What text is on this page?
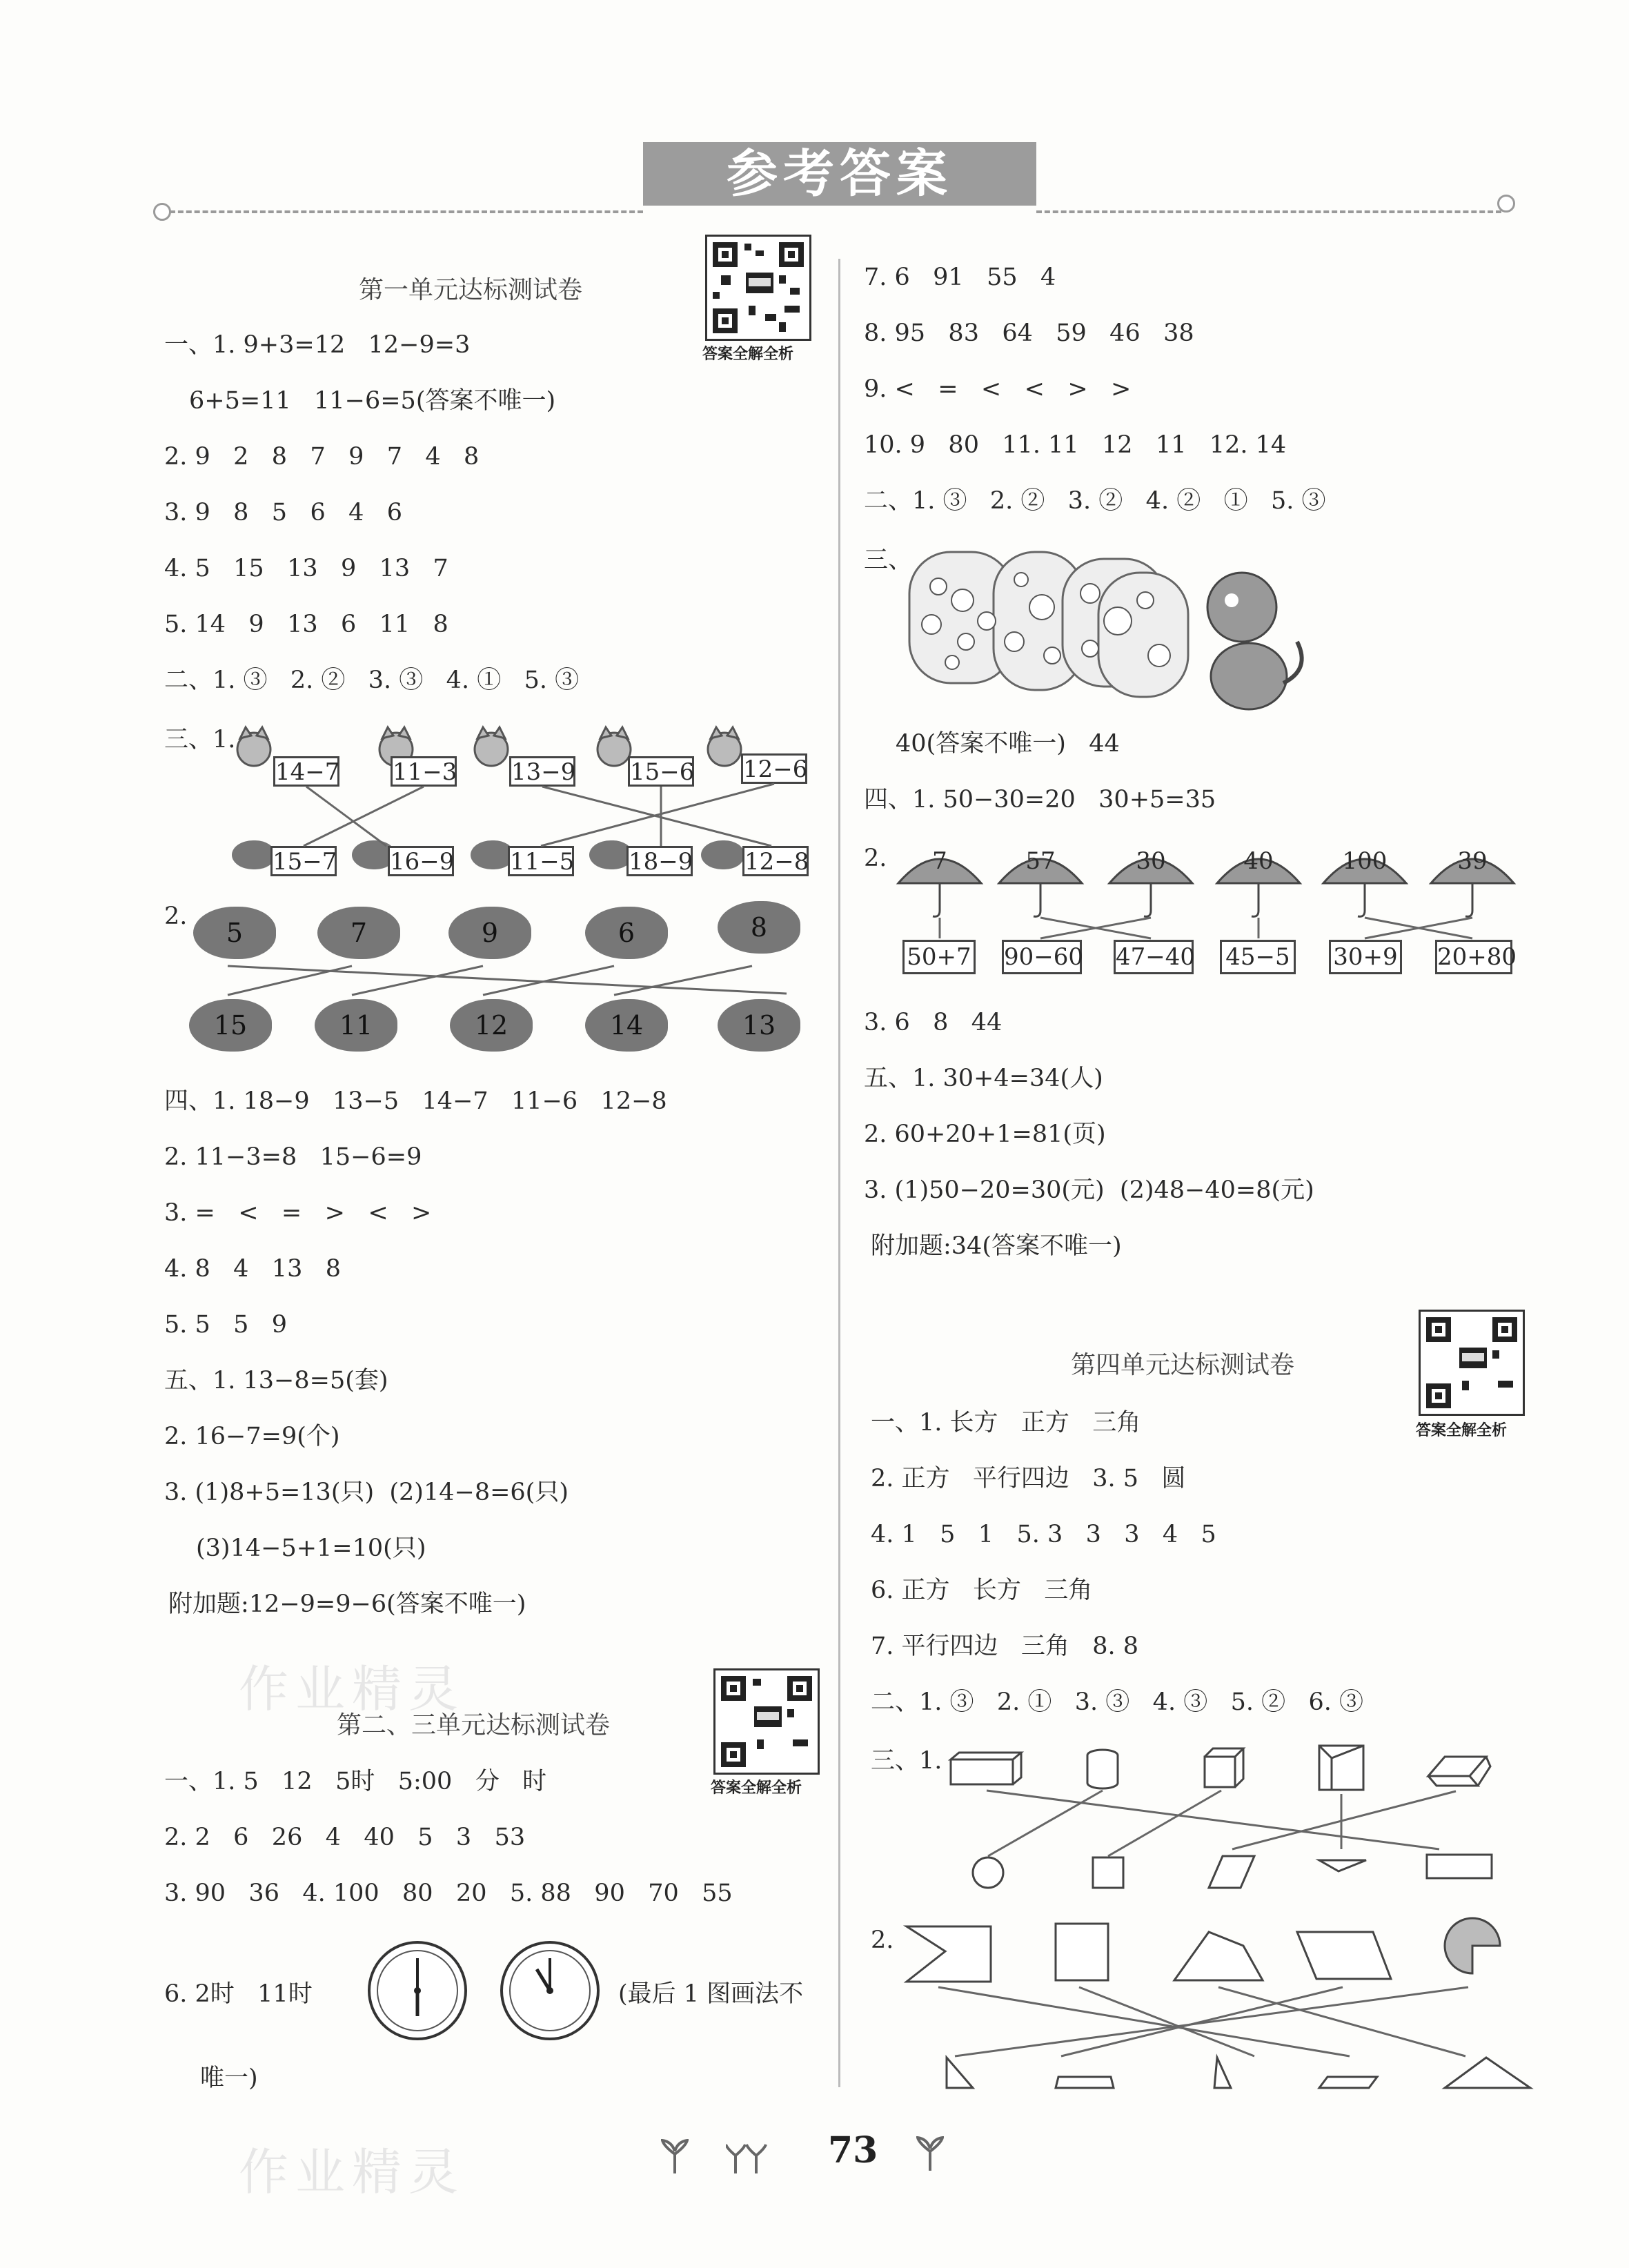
参考答案
第一单元达标测试卷
答案全解全析
一、1. 9+3=12   12−9=3
6+5=11   11−6=5(答案不唯一)
2. 9   2   8   7   9   7   4   8
3. 9   8   5   6   4   6
4. 5   15   13   9   13   7
5. 14   9   13   6   11   8
二、1. ③   2. ②   3. ③   4. ①   5. ③
三、1.
14−7 11−3 13−9 15−6 12−6
15−7 16−9 11−5 18−9 12−8
2.
5	7	9	6	8
15	11	12	14	13
四、1. 18−9   13−5   14−7   11−6   12−8
2. 11−3=8   15−6=9
3. =   <   =   >   <   >
4. 8   4   13   8
5. 5   5   9
五、1. 13−8=5(套)
2. 16−7=9(个)
3. (1)8+5=13(只)  (2)14−8=6(只)
(3)14−5+1=10(只)
附加题:12−9=9−6(答案不唯一)
作业精灵
第二、三单元达标测试卷
答案全解全析
一、1. 5   12   5时   5:00   分   时
2. 2   6   26   4   40   5   3   53
3. 90   36   4. 100   80   20   5. 88   90   70   55
6. 2时   11时	(最后 1 图画法不
唯一)
7. 6   91   55   4
8. 95   83   64   59   46   38
9. <   =   <   <   >   >
10. 9   80   11. 11   12   11   12. 14
二、1. ③   2. ②   3. ②   4. ②   ①   5. ③
三、
40(答案不唯一)   44
四、1. 50−30=20   30+5=35
2.	7	57	30	40	100	39
50+7 90−60 47−40 45−5 30+9 20+80
3. 6   8   44
五、1. 30+4=34(人)
2. 60+20+1=81(页)
3. (1)50−20=30(元)  (2)48−40=8(元)
附加题:34(答案不唯一)
第四单元达标测试卷
答案全解全析
一、1. 长方   正方   三角
2. 正方   平行四边   3. 5   圆
4. 1   5   1   5. 3   3   3   4   5
6. 正方   长方   三角
7. 平行四边   三角   8. 8
二、1. ③   2. ①   3. ③   4. ③   5. ②   6. ③
三、1.
2.
作业精灵	73
